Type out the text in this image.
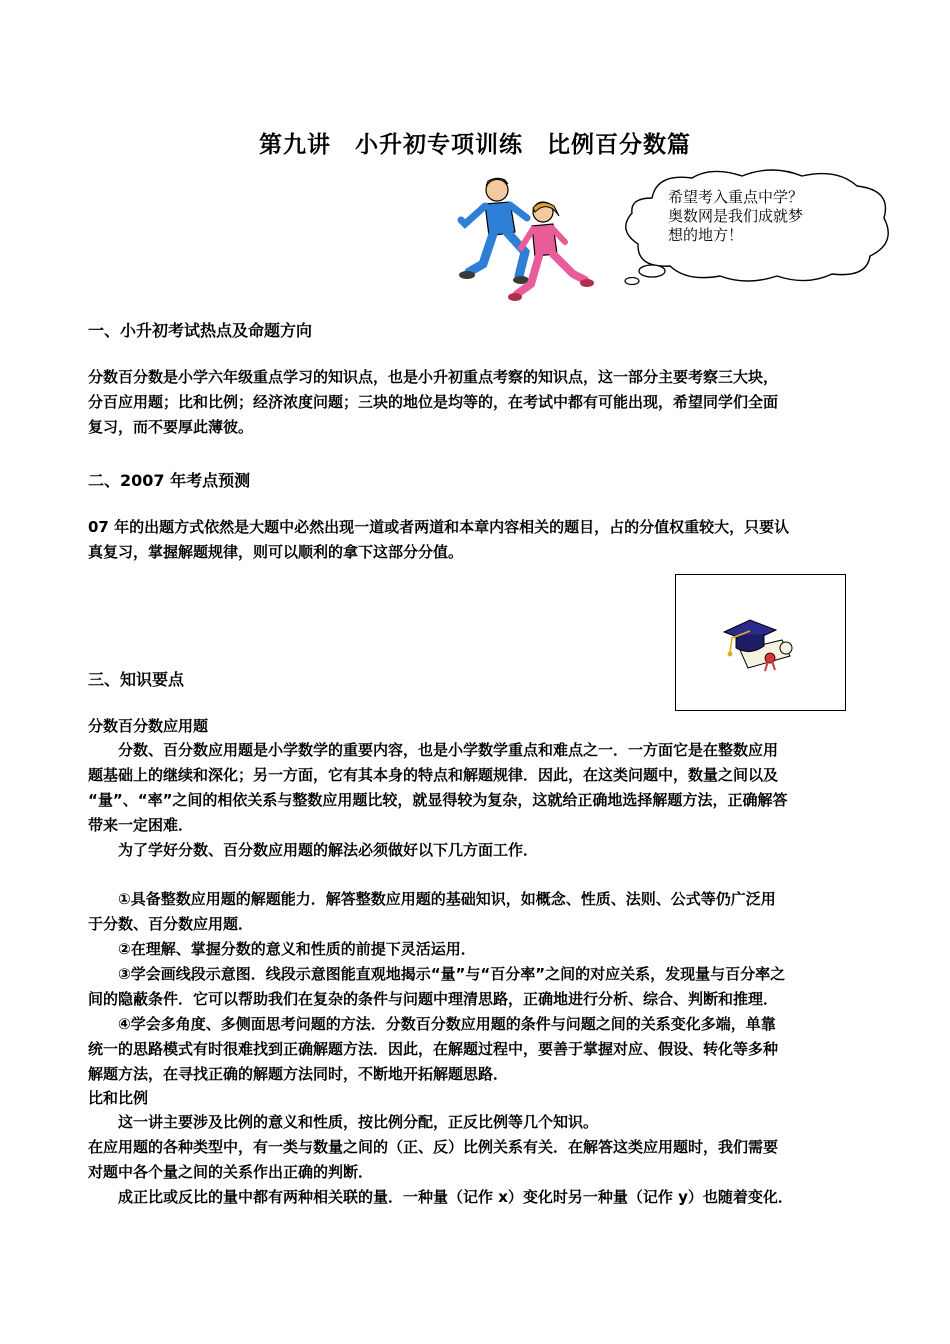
第九讲　小升初专项训练　比例百分数篇
希望考入重点中学？
奥数网是我们成就梦
想的地方！
一、小升初考试热点及命题方向
分数百分数是小学六年级重点学习的知识点，也是小升初重点考察的知识点，这一部分主要考察三大块，
分百应用题；比和比例；经济浓度问题；三块的地位是均等的，在考试中都有可能出现，希望同学们全面
复习，而不要厚此薄彼。
二、2007 年考点预测
07 年的出题方式依然是大题中必然出现一道或者两道和本章内容相关的题目，占的分值权重较大，只要认
真复习，掌握解题规律，则可以顺利的拿下这部分分值。
三、知识要点
分数百分数应用题
　　分数、百分数应用题是小学数学的重要内容，也是小学数学重点和难点之一．一方面它是在整数应用
题基础上的继续和深化；另一方面，它有其本身的特点和解题规律．因此，在这类问题中，数量之间以及
“量”、“率”之间的相依关系与整数应用题比较，就显得较为复杂，这就给正确地选择解题方法，正确解答
带来一定困难．
　　为了学好分数、百分数应用题的解法必须做好以下几方面工作．
　　①具备整数应用题的解题能力．解答整数应用题的基础知识，如概念、性质、法则、公式等仍广泛用
于分数、百分数应用题．
　　②在理解、掌握分数的意义和性质的前提下灵活运用．
　　③学会画线段示意图．线段示意图能直观地揭示“量”与“百分率”之间的对应关系，发现量与百分率之
间的隐蔽条件．它可以帮助我们在复杂的条件与问题中理清思路，正确地进行分析、综合、判断和推理．
　　④学会多角度、多侧面思考问题的方法．分数百分数应用题的条件与问题之间的关系变化多端，单靠
统一的思路模式有时很难找到正确解题方法．因此，在解题过程中，要善于掌握对应、假设、转化等多种
解题方法，在寻找正确的解题方法同时，不断地开拓解题思路．
比和比例
　　这一讲主要涉及比例的意义和性质，按比例分配，正反比例等几个知识。
在应用题的各种类型中，有一类与数量之间的（正、反）比例关系有关．在解答这类应用题时，我们需要
对题中各个量之间的关系作出正确的判断．
　　成正比或反比的量中都有两种相关联的量．一种量（记作 x）变化时另一种量（记作 y）也随着变化．
